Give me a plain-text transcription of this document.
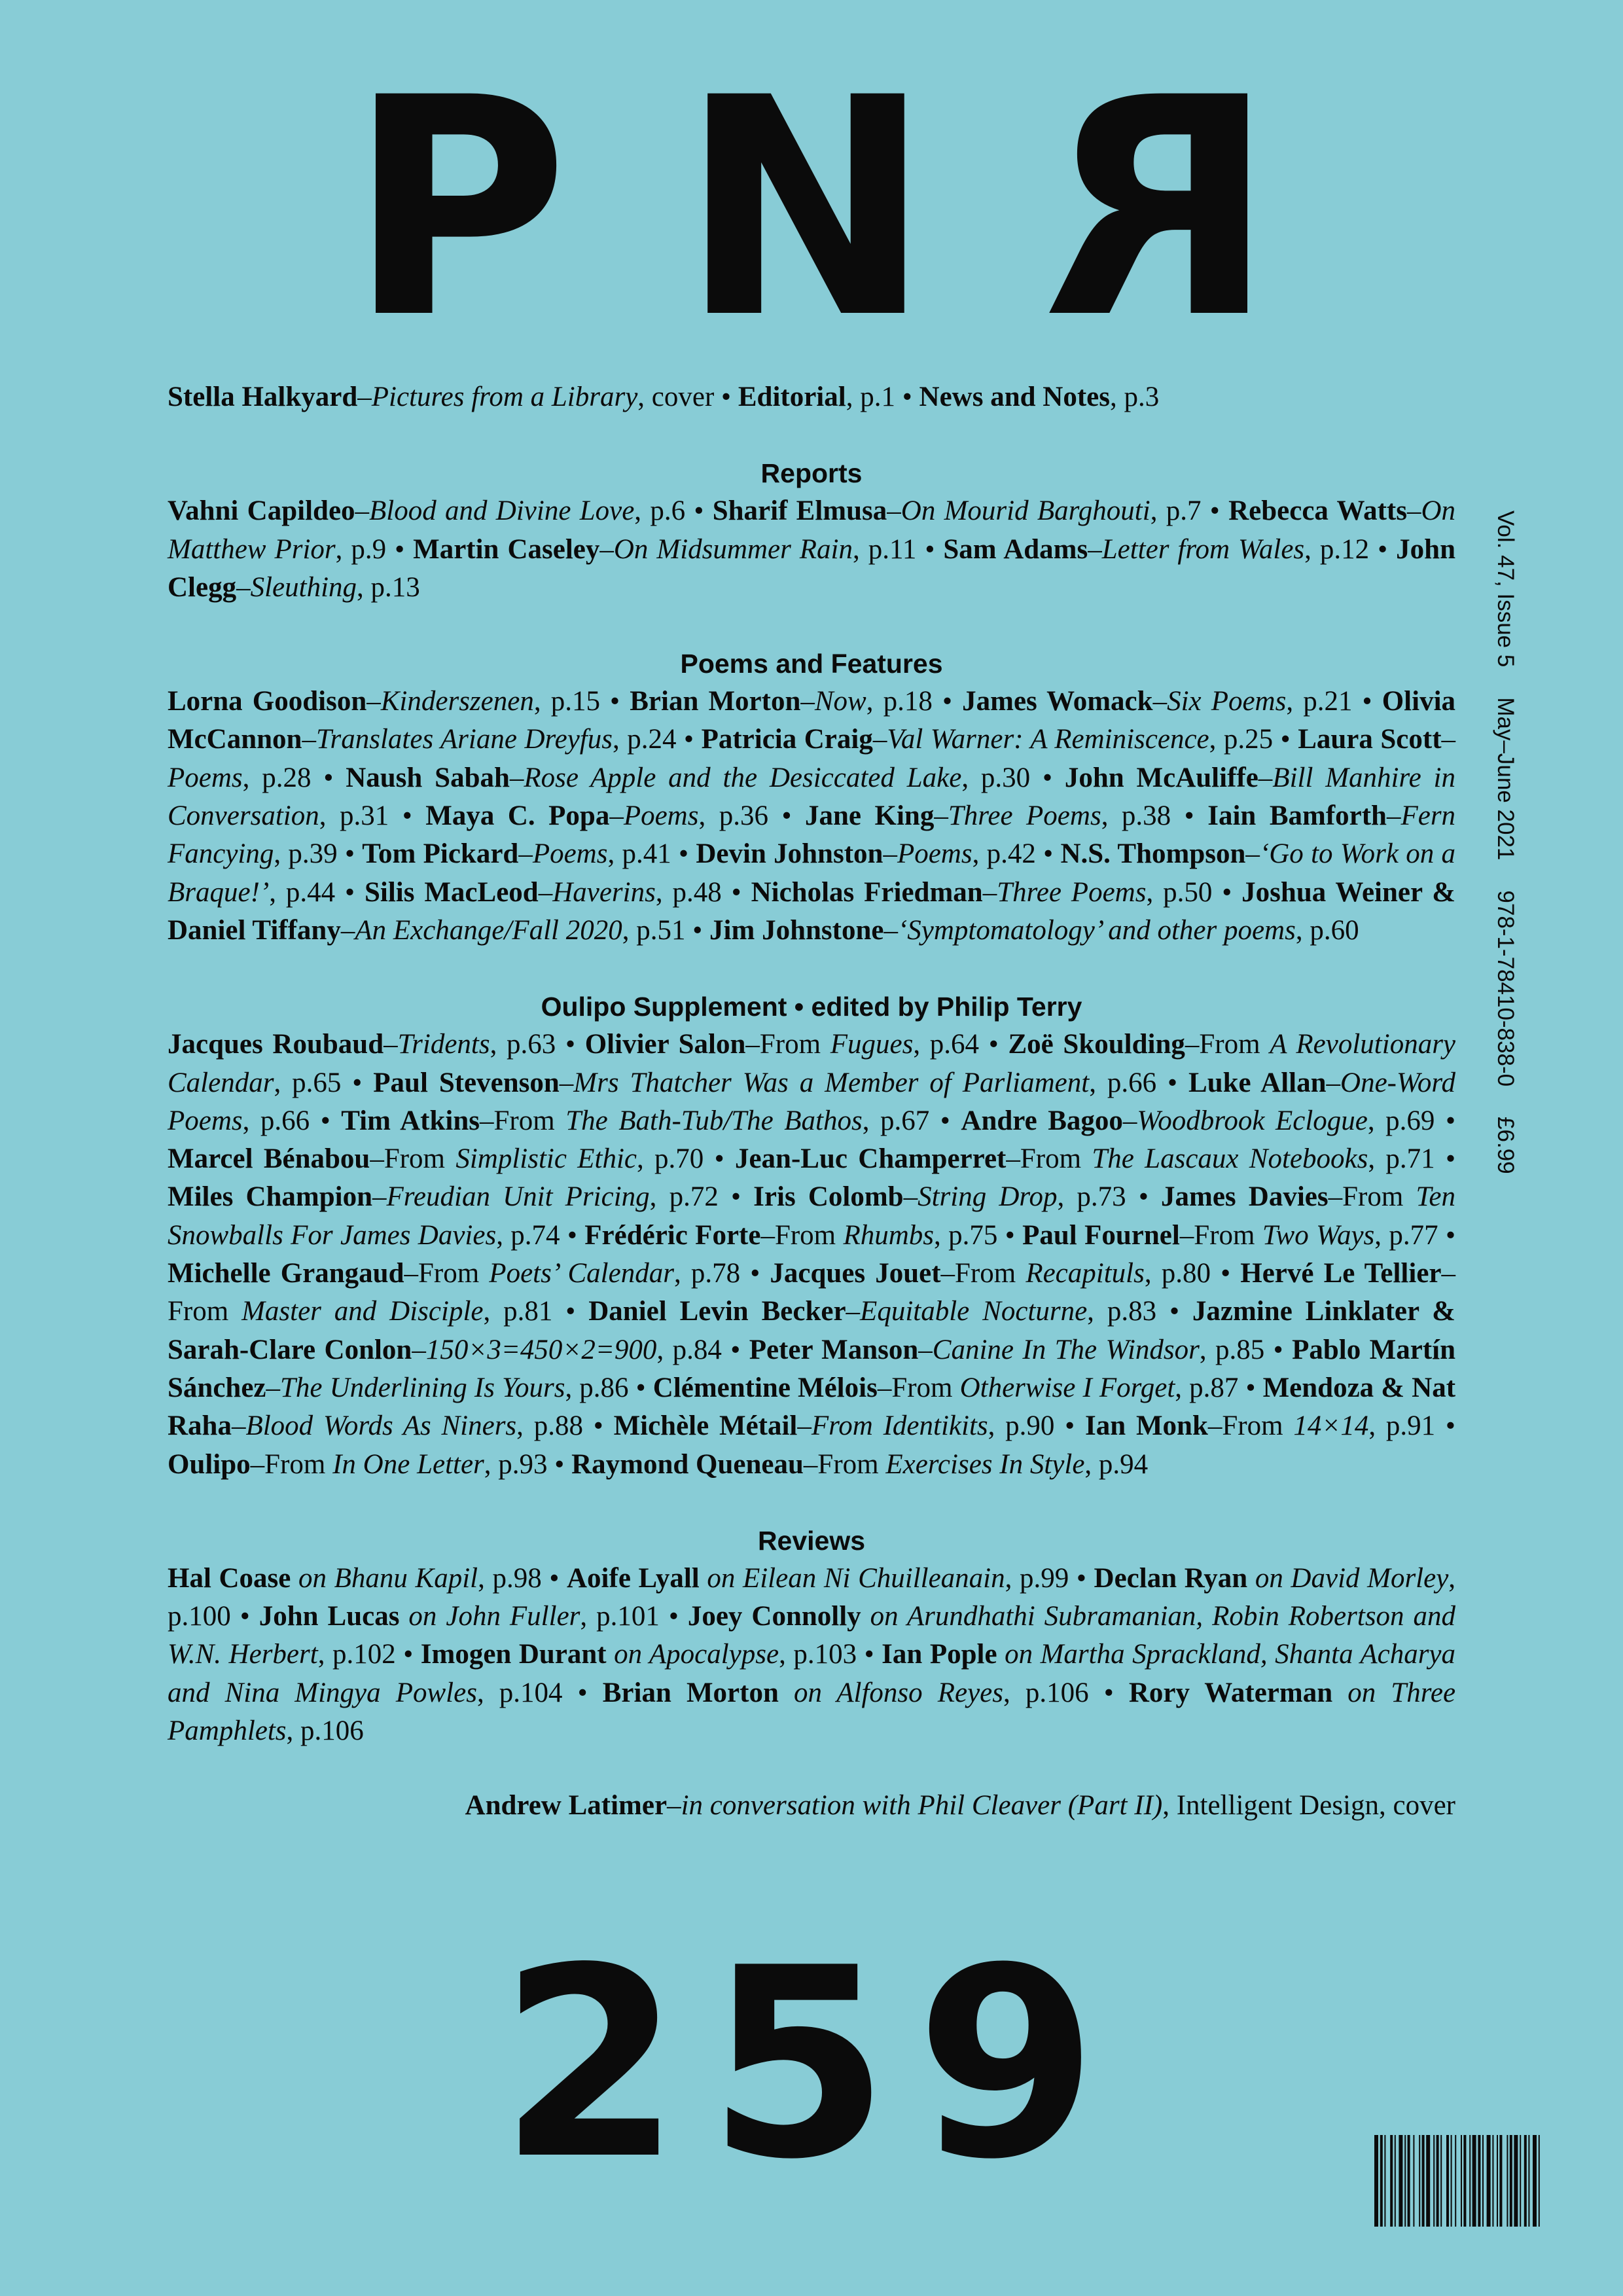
P N R

Stella Halkyard–Pictures from a Library, cover • Editorial, p.1 • News and Notes, p.3

Reports

Vahni Capildeo–Blood and Divine Love, p.6 • Sharif Elmusa–On Mourid Barghouti, p.7 • Rebecca Watts–On Matthew Prior, p.9 • Martin Caseley–On Midsummer Rain, p.11 • Sam Adams–Letter from Wales, p.12 • John Clegg–Sleuthing, p.13

Poems and Features

Lorna Goodison–Kinderszenen, p.15 • Brian Morton–Now, p.18 • James Womack–Six Poems, p.21 • Olivia McCannon–Translates Ariane Dreyfus, p.24 • Patricia Craig–Val Warner: A Reminiscence, p.25 • Laura Scott–Poems, p.28 • Naush Sabah–Rose Apple and the Desiccated Lake, p.30 • John McAuliffe–Bill Manhire in Conversation, p.31 • Maya C. Popa–Poems, p.36 • Jane King–Three Poems, p.38 • Iain Bamforth–Fern Fancying, p.39 • Tom Pickard–Poems, p.41 • Devin Johnston–Poems, p.42 • N.S. Thompson–‘Go to Work on a Braque!’, p.44 • Silis MacLeod–Haverins, p.48 • Nicholas Friedman–Three Poems, p.50 • Joshua Weiner & Daniel Tiffany–An Exchange/Fall 2020, p.51 • Jim Johnstone–‘Symptomatology’ and other poems, p.60

Oulipo Supplement • edited by Philip Terry

Jacques Roubaud–Tridents, p.63 • Olivier Salon–From Fugues, p.64 • Zoë Skoulding–From A Revolutionary Calendar, p.65 • Paul Stevenson–Mrs Thatcher Was a Member of Parliament, p.66 • Luke Allan–One-Word Poems, p.66 • Tim Atkins–From The Bath-Tub/The Bathos, p.67 • Andre Bagoo–Woodbrook Eclogue, p.69 • Marcel Bénabou–From Simplistic Ethic, p.70 • Jean-Luc Champerret–From The Lascaux Notebooks, p.71 • Miles Champion–Freudian Unit Pricing, p.72 • Iris Colomb–String Drop, p.73 • James Davies–From Ten Snowballs For James Davies, p.74 • Frédéric Forte–From Rhumbs, p.75 • Paul Fournel–From Two Ways, p.77 • Michelle Grangaud–From Poets’ Calendar, p.78 • Jacques Jouet–From Recapituls, p.80 • Hervé Le Tellier–From Master and Disciple, p.81 • Daniel Levin Becker–Equitable Nocturne, p.83 • Jazmine Linklater & Sarah-Clare Conlon–150×3=450×2=900, p.84 • Peter Manson–Canine In The Windsor, p.85 • Pablo Martín Sánchez–The Underlining Is Yours, p.86 • Clémentine Mélois–From Otherwise I Forget, p.87 • Mendoza & Nat Raha–Blood Words As Niners, p.88 • Michèle Métail–From Identikits, p.90 • Ian Monk–From 14×14, p.91 • Oulipo–From In One Letter, p.93 • Raymond Queneau–From Exercises In Style, p.94

Reviews

Hal Coase on Bhanu Kapil, p.98 • Aoife Lyall on Eilean Ni Chuilleanain, p.99 • Declan Ryan on David Morley, p.100 • John Lucas on John Fuller, p.101 • Joey Connolly on Arundhathi Subramanian, Robin Robertson and W.N. Herbert, p.102 • Imogen Durant on Apocalypse, p.103 • Ian Pople on Martha Sprackland, Shanta Acharya and Nina Mingya Powles, p.104 • Brian Morton on Alfonso Reyes, p.106 • Rory Waterman on Three Pamphlets, p.106

Andrew Latimer–in conversation with Phil Cleaver (Part II), Intelligent Design, cover

Vol. 47, Issue 5
May–June 2021
978-1-78410-838-0
£6.99
259
